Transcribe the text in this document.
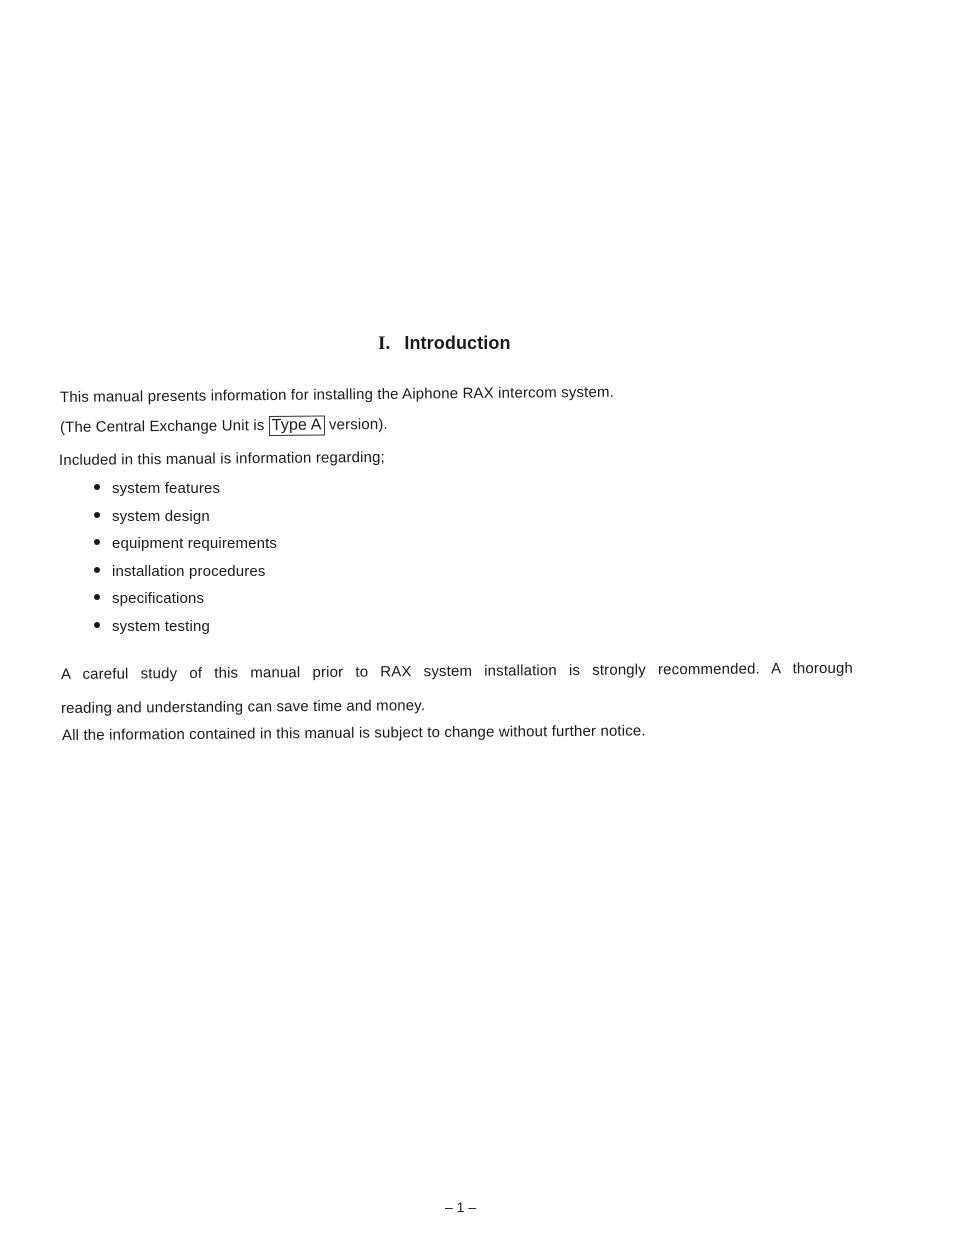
I. Introduction
This manual presents information for installing the Aiphone RAX intercom system.
(The Central Exchange Unit is Type A version).
Included in this manual is information regarding;
system features
system design
equipment requirements
installation procedures
specifications
system testing
A careful study of this manual prior to RAX system installation is strongly recommended. A thorough
reading and understanding can save time and money.
All the information contained in this manual is subject to change without further notice.
– 1 –
